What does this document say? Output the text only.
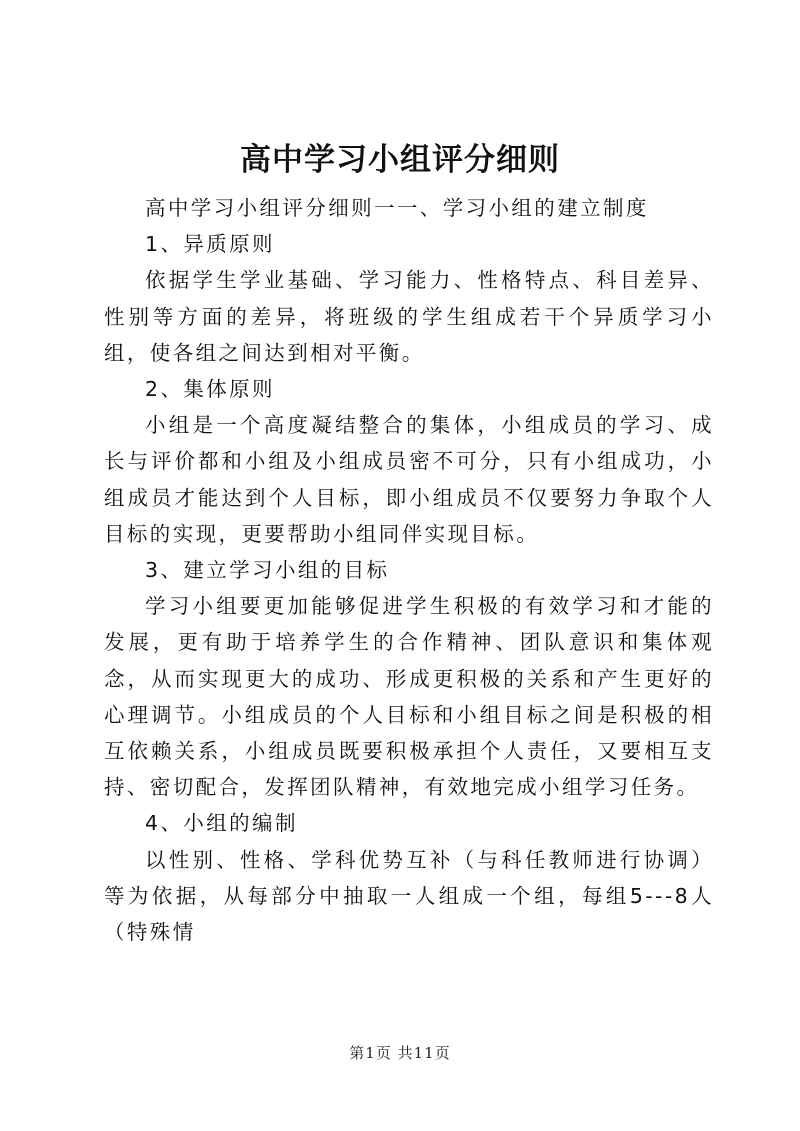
高中学习小组评分细则

高中学习小组评分细则一一、学习小组的建立制度

1、异质原则

依据学生学业基础、学习能力、性格特点、科目差异、性别等方面的差异，将班级的学生组成若干个异质学习小组，使各组之间达到相对平衡。

2、集体原则

小组是一个高度凝结整合的集体，小组成员的学习、成长与评价都和小组及小组成员密不可分，只有小组成功，小组成员才能达到个人目标，即小组成员不仅要努力争取个人目标的实现，更要帮助小组同伴实现目标。

3、建立学习小组的目标

学习小组要更加能够促进学生积极的有效学习和才能的发展，更有助于培养学生的合作精神、团队意识和集体观念，从而实现更大的成功、形成更积极的关系和产生更好的心理调节。小组成员的个人目标和小组目标之间是积极的相互依赖关系，小组成员既要积极承担个人责任，又要相互支持、密切配合，发挥团队精神，有效地完成小组学习任务。

4、小组的编制

以性别、性格、学科优势互补（与科任教师进行协调）等为依据，从每部分中抽取一人组成一个组，每组5---8人（特殊情

第1页 共11页
